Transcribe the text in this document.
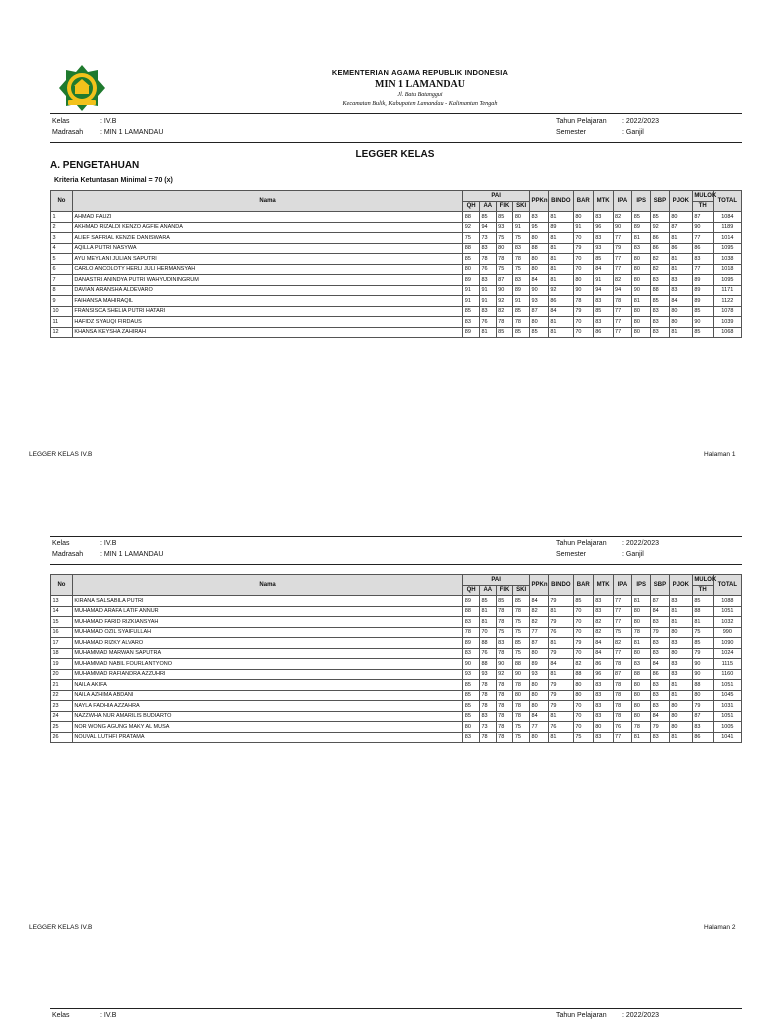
KEMENTERIAN AGAMA REPUBLIK INDONESIA
MIN 1 LAMANDAU
Jl. Batu Batanggui
Kecamatan Bulik, Kabupaten Lamandau - Kalimantan Tengah
Kelas	: IV.B	Tahun Pelajaran : 2022/2023
Madrasah : MIN 1 LAMANDAU	Semester	: Ganjil
LEGGER KELAS
A. PENGETAHUAN
Kriteria Ketuntasan Minimal = 70 (x)
No	Nama	PAI				PPKn	BINDO	BAR	MTK	IPA	IPS	SBP	PJOK	MULOK	TOTAL
		QH	AA	FIK	SKI									TH	
1	AHMAD FAUZI	88	85	85	80	83	81	80	83	82	85	85	80	87	1084
2	AKHMAD RIZALDI KENZO AGFIE ANANDA	92	94	93	91	95	89	91	96	90	89	92	87	90	1189
3	ALIEF SAFRIAL KENZIE DANISWARA	75	73	75	75	80	81	70	83	77	81	86	81	77	1014
4	AQILLA PUTRI NASYWA	88	83	80	83	88	81	79	93	79	83	86	86	86	1095
5	AYU MEYLANI JULIAN SAPUTRI	85	78	78	78	80	81	70	85	77	80	82	81	83	1038
6	CARLO ANCOLOTY HERLI JULI HERMANSYAH	80	76	75	75	80	81	70	84	77	80	82	81	77	1018
7	DANASTRI ANINDYA PUTRI WAHYUDININGRUM	89	83	87	83	84	81	80	91	82	80	83	83	89	1095
8	DAVIAN ARANSHA ALDEVARO	91	91	90	89	90	92	90	94	94	90	88	83	89	1171
9	FAIHANSA MAHIRAQIL	91	91	92	91	93	86	78	83	78	81	85	84	89	1122
10	FRANSISCA SHELIA PUTRI HATARI	85	83	82	85	87	84	79	85	77	80	83	80	85	1078
11	HAFIDZ SYAUQI FIRDAUS	83	76	78	78	80	81	70	83	77	80	83	80	90	1039
12	KHANSA KEYSHA ZAHIRAH	89	81	85	85	85	81	70	86	77	80	83	81	85	1068
LEGGER KELAS IV.B	Halaman 1
Kelas	: IV.B	Tahun Pelajaran : 2022/2023
Madrasah : MIN 1 LAMANDAU	Semester	: Ganjil
No	Nama	PAI				PPKn	BINDO	BAR	MTK	IPA	IPS	SBP	PJOK	MULOK	TOTAL
		QH	AA	FIK	SKI									TH	
13	KIRANA SALSABILA PUTRI	89	85	85	85	84	79	85	83	77	81	87	83	85	1088
14	MUHAMAD ARAFA LATIF ANNUR	88	81	78	78	82	81	70	83	77	80	84	81	88	1051
15	MUHAMAD FARID RIZKIANSYAH	83	81	78	75	82	79	70	82	77	80	83	81	81	1032
16	MUHAMAD OZIL SYAIFULLAH	78	70	75	75	77	76	70	82	75	78	79	80	75	990
17	MUHAMAD RIZKY ALVARO	89	88	83	85	87	81	79	84	82	81	83	83	85	1090
18	MUHAMMAD MARWAN SAPUTRA	83	76	78	75	80	79	70	84	77	80	83	80	79	1024
19	MUHAMMAD NABIL FOURLANTYONO	90	88	90	88	89	84	82	86	78	83	84	83	90	1115
20	MUHAMMAD RAFIANDRA AZZUHRI	93	93	92	90	93	81	88	96	87	88	86	83	90	1160
21	NAILA AKIFA	85	78	78	78	80	79	80	83	78	80	83	81	88	1051
22	NAILA AZHIMA ABDANI	85	78	78	80	80	79	80	83	78	80	83	81	80	1045
23	NAYLA FADHIA AZZAHRA	85	78	78	78	80	79	70	83	78	80	83	80	79	1031
24	NAZZWHA NUR AMARILIS BUDIARTO	85	83	78	78	84	81	70	83	78	80	84	80	87	1051
25	NOR WONG AGUNG MAKY AL MUSA	80	73	78	75	77	76	70	80	76	78	79	80	83	1005
26	NOUVAL LUTHFI PRATAMA	83	78	78	75	80	81	75	83	77	81	83	81	86	1041
LEGGER KELAS IV.B	Halaman 2
Kelas	: IV.B	Tahun Pelajaran : 2022/2023
